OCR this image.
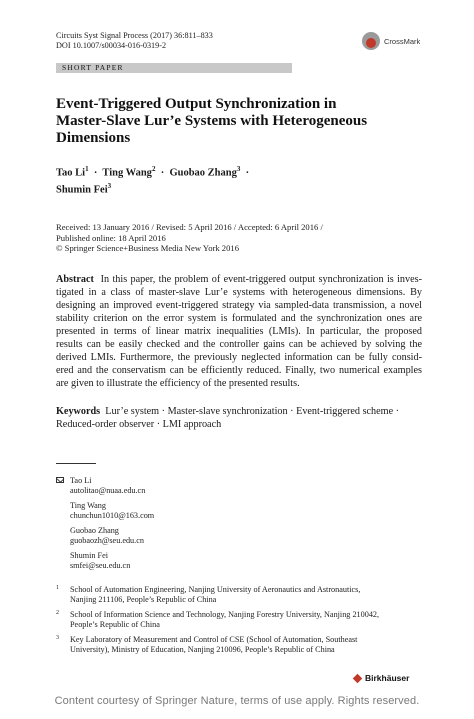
Circuits Syst Signal Process (2017) 36:811–833
DOI 10.1007/s00034-016-0319-2	CrossMark
SHORT PAPER
Event-Triggered Output Synchronization in
Master-Slave Lur’e Systems with Heterogeneous
Dimensions
Tao Li$^1$  ·  Ting Wang$^2$  ·  Guobao Zhang$^3$  ·
Shumin Fei$^3$
Received: 13 January 2016 / Revised: 5 April 2016 / Accepted: 6 April 2016 /
Published online: 18 April 2016
© Springer Science+Business Media New York 2016
Abstract In this paper, the problem of event-triggered output synchronization is inves-
tigated in a class of master-slave Lur’e systems with heterogeneous dimensions. By
designing an improved event-triggered strategy via sampled-data transmission, a novel
stability criterion on the error system is formulated and the synchronization ones are
presented in terms of linear matrix inequalities (LMIs). In particular, the proposed
results can be easily checked and the controller gains can be achieved by solving the
derived LMIs. Furthermore, the previously neglected information can be fully consid-
ered and the conservatism can be efficiently reduced. Finally, two numerical examples
are given to illustrate the efficiency of the presented results.
Keywords Lur’e system · Master-slave synchronization · Event-triggered scheme ·
Reduced-order observer · LMI approach
Tao Li
autolitao@nuaa.edu.cn
Ting Wang
chunchun1010@163.com
Guobao Zhang
guobaozh@seu.edu.cn
Shumin Fei
smfei@seu.edu.cn
1 School of Automation Engineering, Nanjing University of Aeronautics and Astronautics,
Nanjing 211106, People’s Republic of China
2 School of Information Science and Technology, Nanjing Forestry University, Nanjing 210042,
People’s Republic of China
3 Key Laboratory of Measurement and Control of CSE (School of Automation, Southeast
University), Ministry of Education, Nanjing 210096, People’s Republic of China
Birkhäuser
Content courtesy of Springer Nature, terms of use apply. Rights reserved.
